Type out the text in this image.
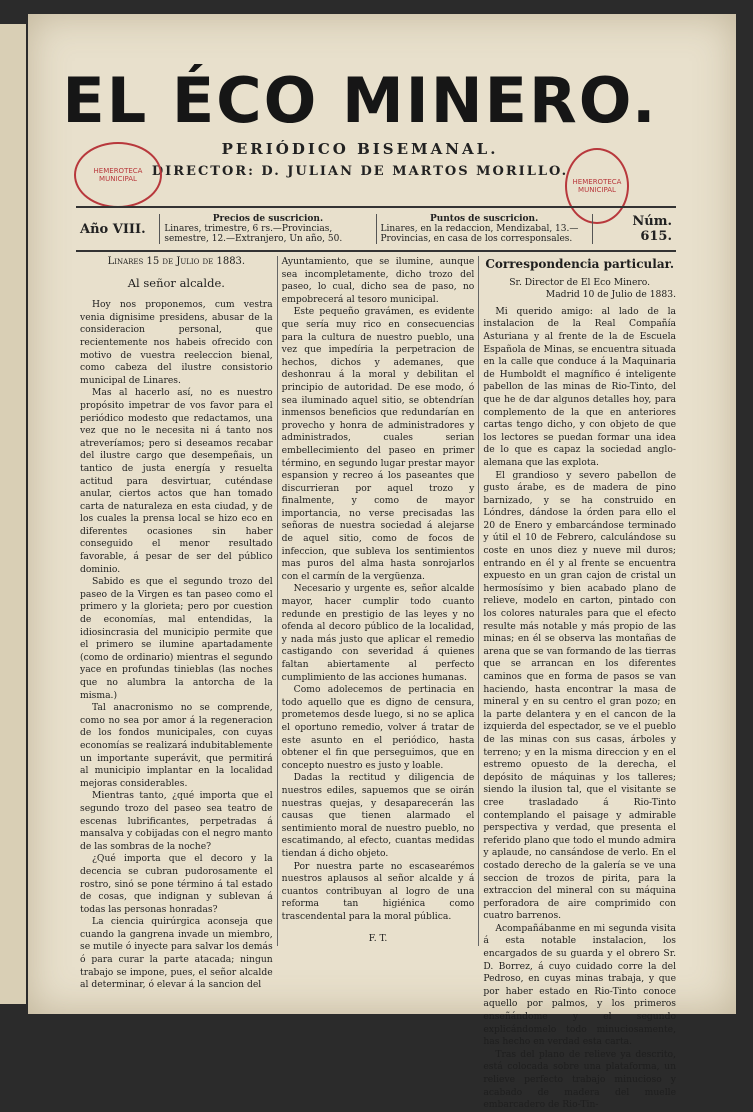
EL ÉCO MINERO.
PERIÓDICO BISEMANAL.
DIRECTOR: D. JULIAN DE MARTOS MORILLO.
HEMEROTECA MUNICIPAL	HEMEROTECA MUNICIPAL
Año VIII.
Precios de suscricion.
Linares, trimestre, 6 rs.—Provincias, semestre, 12.—Extranjero, Un año, 50.
Puntos de suscricion.
Linares, en la redaccion, Mendizabal, 13.—Provincias, en casa de los corresponsales.
Núm. 615.
Linares 15 de Julio de 1883.
Al señor alcalde.

Hoy nos proponemos, cum vestra venia dignisime presidens, abusar de la consideracion personal, que recientemente nos habeis ofrecido con motivo de vuestra reeleccion bienal, como cabeza del ilustre consistorio municipal de Linares.

Mas al hacerlo así, no es nuestro propósito impetrar de vos favor para el periódico modesto que redactamos, una vez que no le necesita ni á tanto nos atreveríamos; pero si deseamos recabar del ilustre cargo que desempeñais, un tantico de justa energía y resuelta actitud para desvirtuar, cuténdase anular, ciertos actos que han tomado carta de naturaleza en esta ciudad, y de los cuales la prensa local se hizo eco en diferentes ocasiones sin haber conseguido el menor resultado favorable, á pesar de ser del público dominio.

Sabido es que el segundo trozo del paseo de la Virgen es tan paseo como el primero y la glorieta; pero por cuestion de economías, mal entendidas, la idiosincrasia del municipio permite que el primero se ilumine apartadamente (como de ordinario) mientras el segundo yace en profundas tinieblas (las noches que no alumbra la antorcha de la misma.)

Tal anacronismo no se comprende, como no sea por amor á la regeneracion de los fondos municipales, con cuyas economías se realizará indubitablemente un importante superávit, que permitirá al municipio implantar en la localidad mejoras considerables.

Mientras tanto, ¿qué importa que el segundo trozo del paseo sea teatro de escenas lubrificantes, perpetradas á mansalva y cobijadas con el negro manto de las sombras de la noche?

¿Qué importa que el decoro y la decencia se cubran pudorosamente el rostro, sinó se pone término á tal estado de cosas, que indignan y sublevan á todas las personas honradas?

La ciencia quirúrgica aconseja que cuando la gangrena invade un miembro, se mutile ó inyecte para salvar los demás ó para curar la parte atacada; ningun trabajo se impone, pues, el señor alcalde al determinar, ó elevar á la sancion del

Ayuntamiento, que se ilumine, aunque sea incompletamente, dicho trozo del paseo, lo cual, dicho sea de paso, no empobrecerá al tesoro municipal.

Este pequeño gravámen, es evidente que sería muy rico en consecuencias para la cultura de nuestro pueblo, una vez que impedíria la perpetracion de hechos, dichos y ademanes, que deshonrau á la moral y debilitan el principio de autoridad. De ese modo, ó sea iluminado aquel sitio, se obtendrían inmensos beneficios que redundarían en provecho y honra de administradores y administrados, cuales serian embellecimiento del paseo en primer término, en segundo lugar prestar mayor espansion y recreo á los paseantes que discurrieran por aquel trozo y finalmente, y como de mayor importancia, no verse precisadas las señoras de nuestra sociedad á alejarse de aquel sitio, como de focos de infeccion, que subleva los sentimientos mas puros del alma hasta sonrojarlos con el carmín de la vergüenza.

Necesario y urgente es, señor alcalde mayor, hacer cumplir todo cuanto redunde en prestigio de las leyes y no ofenda al decoro público de la localidad, y nada más justo que aplicar el remedio castigando con severidad á quienes faltan abiertamente al perfecto cumplimiento de las acciones humanas.

Como adolecemos de pertinacia en todo aquello que es digno de censura, prometemos desde luego, si no se aplica el oportuno remedio, volver á tratar de este asunto en el periódico, hasta obtener el fin que perseguimos, que en concepto nuestro es justo y loable.

Dadas la rectitud y diligencia de nuestros ediles, sapuemos que se oirán nuestras quejas, y desaparecerán las causas que tienen alarmado el sentimiento moral de nuestro pueblo, no escatimando, al efecto, cuantas medidas tiendan á dicho objeto.

Por nuestra parte no escasearémos nuestros aplausos al señor alcalde y á cuantos contribuyan al logro de una reforma tan higiénica como trascendental para la moral pública.

F. T.
Correspondencia particular.
Sr. Director de El Eco Minero.
Madrid 10 de Julio de 1883.

Mi querido amigo: al lado de la instalacion de la Real Compañía Asturiana y al frente de la de Escuela Española de Minas, se encuentra situada en la calle que conduce á la Maquinaria de Humboldt el magnífico é inteligente pabellon de las minas de Rio-Tinto, del que he de dar algunos detalles hoy, para complemento de la que en anteriores cartas tengo dicho, y con objeto de que los lectores se puedan formar una idea de lo que es capaz la sociedad anglo-alemana que las explota.

El grandioso y severo pabellon de gusto árabe, es de madera de pino barnizado, y se ha construido en Lóndres, dándose la órden para ello el 20 de Enero y embarcándose terminado y útil el 10 de Febrero, calculándose su coste en unos diez y nueve mil duros; entrando en él y al frente se encuentra expuesto en un gran cajon de cristal un hermosísimo y bien acabado plano de relieve, modelo en carton, pintado con los colores naturales para que el efecto resulte más notable y más propio de las minas; en él se observa las montañas de arena que se van formando de las tierras que se arrancan en los diferentes caminos que en forma de pasos se van haciendo, hasta encontrar la masa de mineral y en su centro el gran pozo; en la parte delantera y en el cancon de la izquierda del espectador, se ve el pueblo de las minas con sus casas, árboles y terreno; y en la misma direccion y en el estremo opuesto de la derecha, el depósito de máquinas y los talleres; siendo la ilusion tal, que el visitante se cree trasladado á Rio-Tinto contemplando el paisage y admirable perspectiva y verdad, que presenta el referido plano que todo el mundo admira y aplaude, no cansándose de verlo. En el costado derecho de la galería se ve una seccion de trozos de pirita, para la extraccion del mineral con su máquina perforadora de aire comprimido con cuatro barrenos.

Acompañábanme en mi segunda visita á esta notable instalacion, los encargados de su guarda y el obrero Sr. D. Borrez, á cuyo cuidado corre la del Pedroso, en cuyas minas trabaja, y que por haber estado en Rio-Tinto conoce aquello por palmos, y los primeros enseñándome y el segundo explicándomelo todo minuciosamente, has hecho en verdad esta carta.

Tras del plano de relieve ya descrito, está colocada sobre una plataforma, un relieve perfecto trabajo minucioso y acabado de madera del muelle embarcadero de Rio-Tin-
